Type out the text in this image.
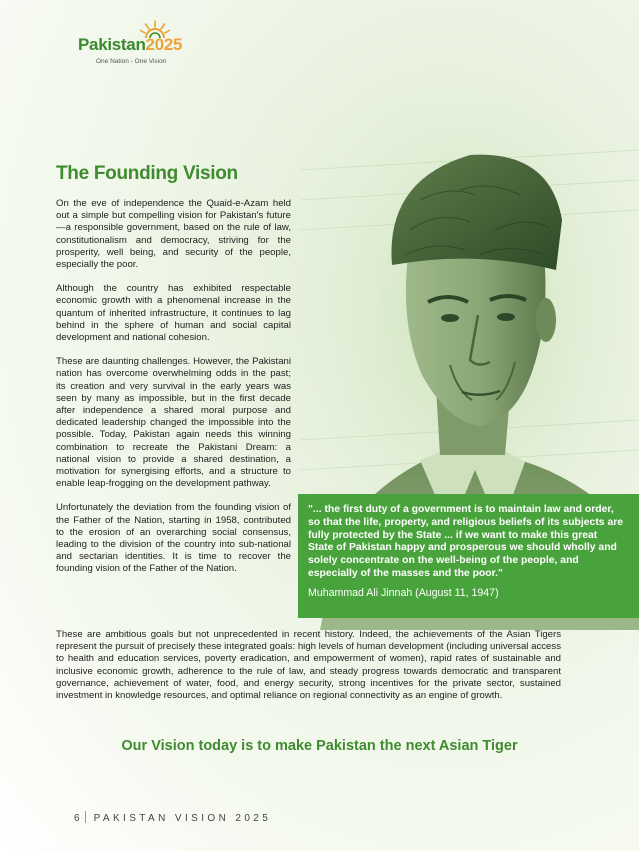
Pakistan2025
One Nation - One Vision
The Founding Vision

On the eve of independence the Quaid-e-Azam held out a simple but compelling vision for Pakistan's future—a responsible government, based on the rule of law, constitutionalism and democracy, striving for the prosperity, well being, and security of the people, especially the poor.

Although the country has exhibited respectable economic growth with a phenomenal increase in the quantum of inherited infrastructure, it continues to lag behind in the sphere of human and social capital development and national cohesion.

These are daunting challenges. However, the Pakistani nation has overcome overwhelming odds in the past; its creation and very survival in the early years was seen by many as impossible, but in the first decade after independence a shared moral purpose and dedicated leadership changed the impossible into the possible. Today, Pakistan again needs this winning combination to recreate the Pakistani Dream: a national vision to provide a shared destination, a motivation for synergising efforts, and a structure to enable leap-frogging on the development pathway.

Unfortunately the deviation from the founding vision of the Father of the Nation, starting in 1958, contributed to the erosion of an overarching social consensus, leading to the division of the country into sub-national and sectarian identities. It is time to recover the founding vision of the Father of the Nation.

"... the first duty of a government is to maintain law and order, so that the life, property, and religious beliefs of its subjects are fully protected by the State ... if we want to make this great State of Pakistan happy and prosperous we should wholly and solely concentrate on the well-being of the people, and especially of the masses and the poor."

Muhammad Ali Jinnah (August 11, 1947)

These are ambitious goals but not unprecedented in recent history. Indeed, the achievements of the Asian Tigers represent the pursuit of precisely these integrated goals: high levels of human development (including universal access to health and education services, poverty eradication, and empowerment of women), rapid rates of sustainable and inclusive economic growth, adherence to the rule of law, and steady progress towards democratic and transparent governance, achievement of water, food, and energy security, strong incentives for the private sector, sustained investment in knowledge resources, and optimal reliance on regional connectivity as an engine of growth.

Our Vision today is to make Pakistan the next Asian Tiger

6 PAKISTAN VISION 2025
